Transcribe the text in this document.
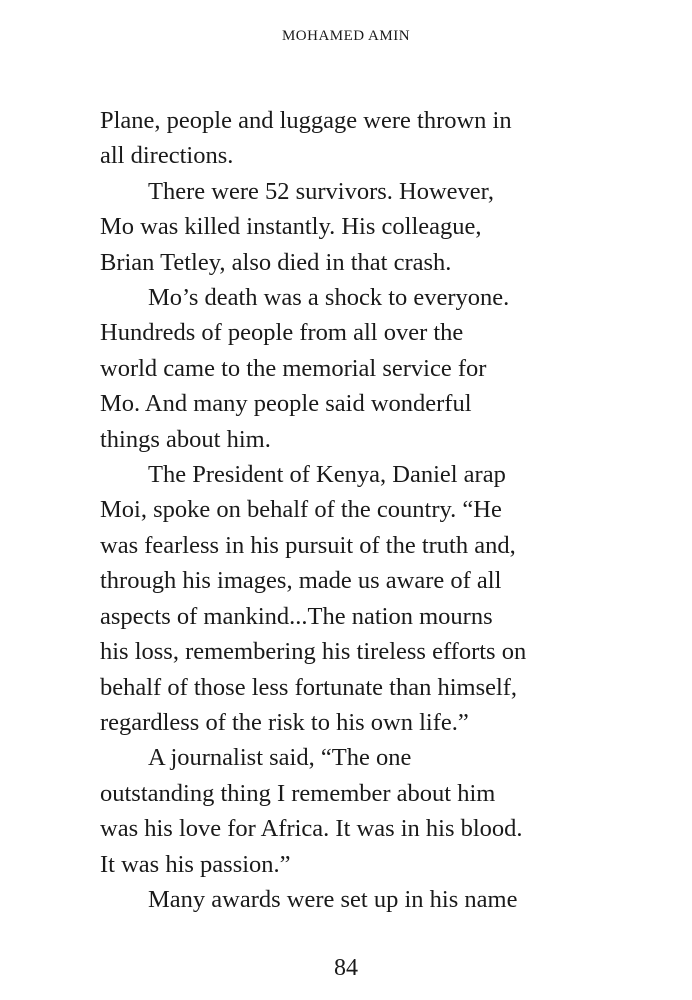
MOHAMED AMIN
Plane, people and luggage were thrown in
all directions.
There were 52 survivors. However,
Mo was killed instantly. His colleague,
Brian Tetley, also died in that crash.
Mo’s death was a shock to everyone.
Hundreds of people from all over the
world came to the memorial service for
Mo. And many people said wonderful
things about him.
The President of Kenya, Daniel arap
Moi, spoke on behalf of the country. “He
was fearless in his pursuit of the truth and,
through his images, made us aware of all
aspects of mankind...The nation mourns
his loss, remembering his tireless efforts on
behalf of those less fortunate than himself,
regardless of the risk to his own life.”
A journalist said, “The one
outstanding thing I remember about him
was his love for Africa. It was in his blood.
It was his passion.”
Many awards were set up in his name
84
